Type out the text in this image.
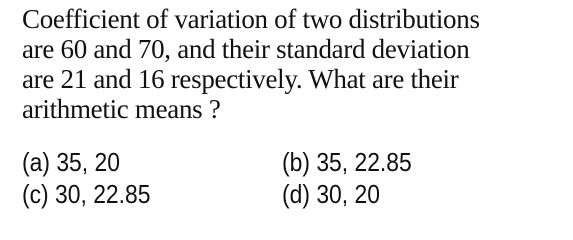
Coefficient of variation of two distributions
are 60 and 70, and their standard deviation
are 21 and 16 respectively. What are their
arithmetic means ?
(a) 35, 20	(b) 35, 22.85
(c) 30, 22.85	(d) 30, 20
